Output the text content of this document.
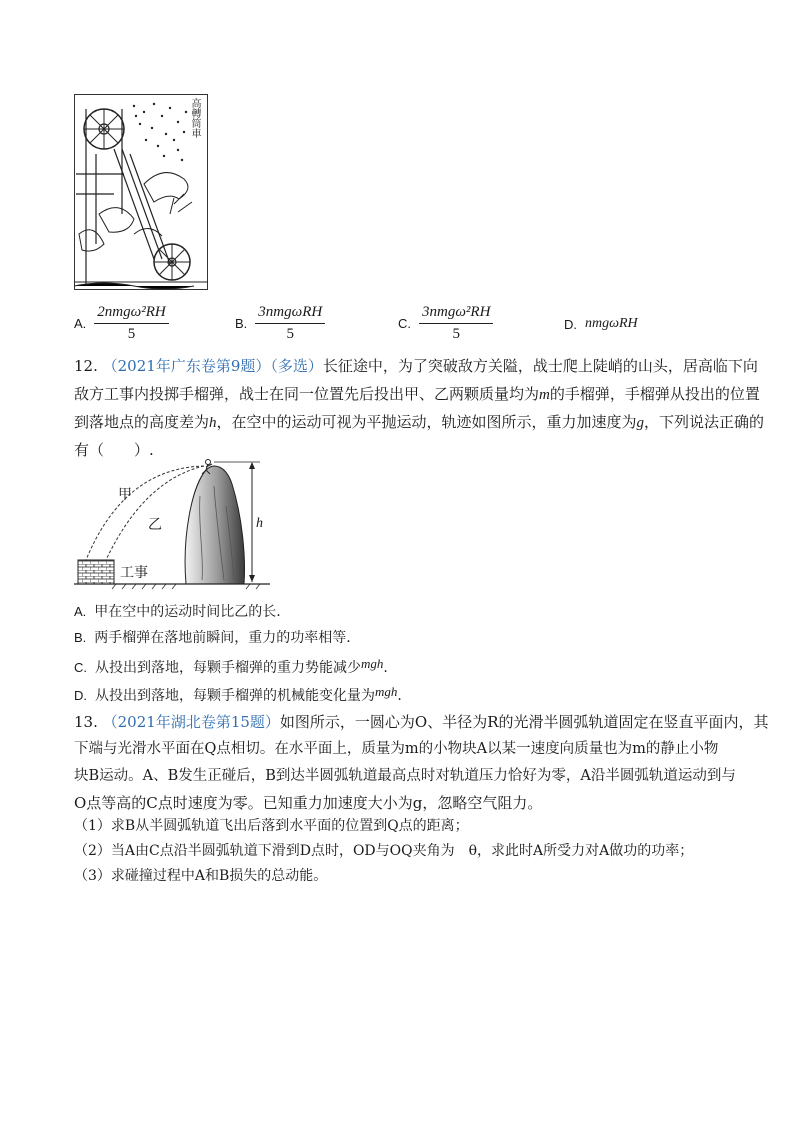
高轉筒車
A. $\frac{\text{2nmgω²RH}}{5}$	B. $\frac{\text{3nmgωRH}}{5}$	C. $\frac{\text{3nmgω²RH}}{5}$	D. nmgωRH
12. （2021年广东卷第9题）（多选）长征途中，为了突破敌方关隘，战士爬上陡峭的山头，居高临下向
敌方工事内投掷手榴弹，战士在同一位置先后投出甲、乙两颗质量均为m的手榴弹，手榴弹从投出的位置
到落地点的高度差为h，在空中的运动可视为平抛运动，轨迹如图所示，重力加速度为g，下列说法正确的
有（　　）.
甲
乙
工事
h
A. 甲在空中的运动时间比乙的长.
B. 两手榴弹在落地前瞬间，重力的功率相等.
C. 从投出到落地，每颗手榴弹的重力势能减少mgh.
D. 从投出到落地，每颗手榴弹的机械能变化量为mgh.
13. （2021年湖北卷第15题）如图所示，一圆心为O、半径为R的光滑半圆弧轨道固定在竖直平面内，其
下端与光滑水平面在Q点相切。在水平面上，质量为m的小物块A以某一速度向质量也为m的静止小物
块B运动。A、B发生正碰后，B到达半圆弧轨道最高点时对轨道压力恰好为零，A沿半圆弧轨道运动到与
O点等高的C点时速度为零。已知重力加速度大小为g，忽略空气阻力。
（1）求B从半圆弧轨道飞出后落到水平面的位置到Q点的距离；
（2）当A由C点沿半圆弧轨道下滑到D点时，OD与OQ夹角为　θ，求此时A所受力对A做功的功率；
（3）求碰撞过程中A和B损失的总动能。
